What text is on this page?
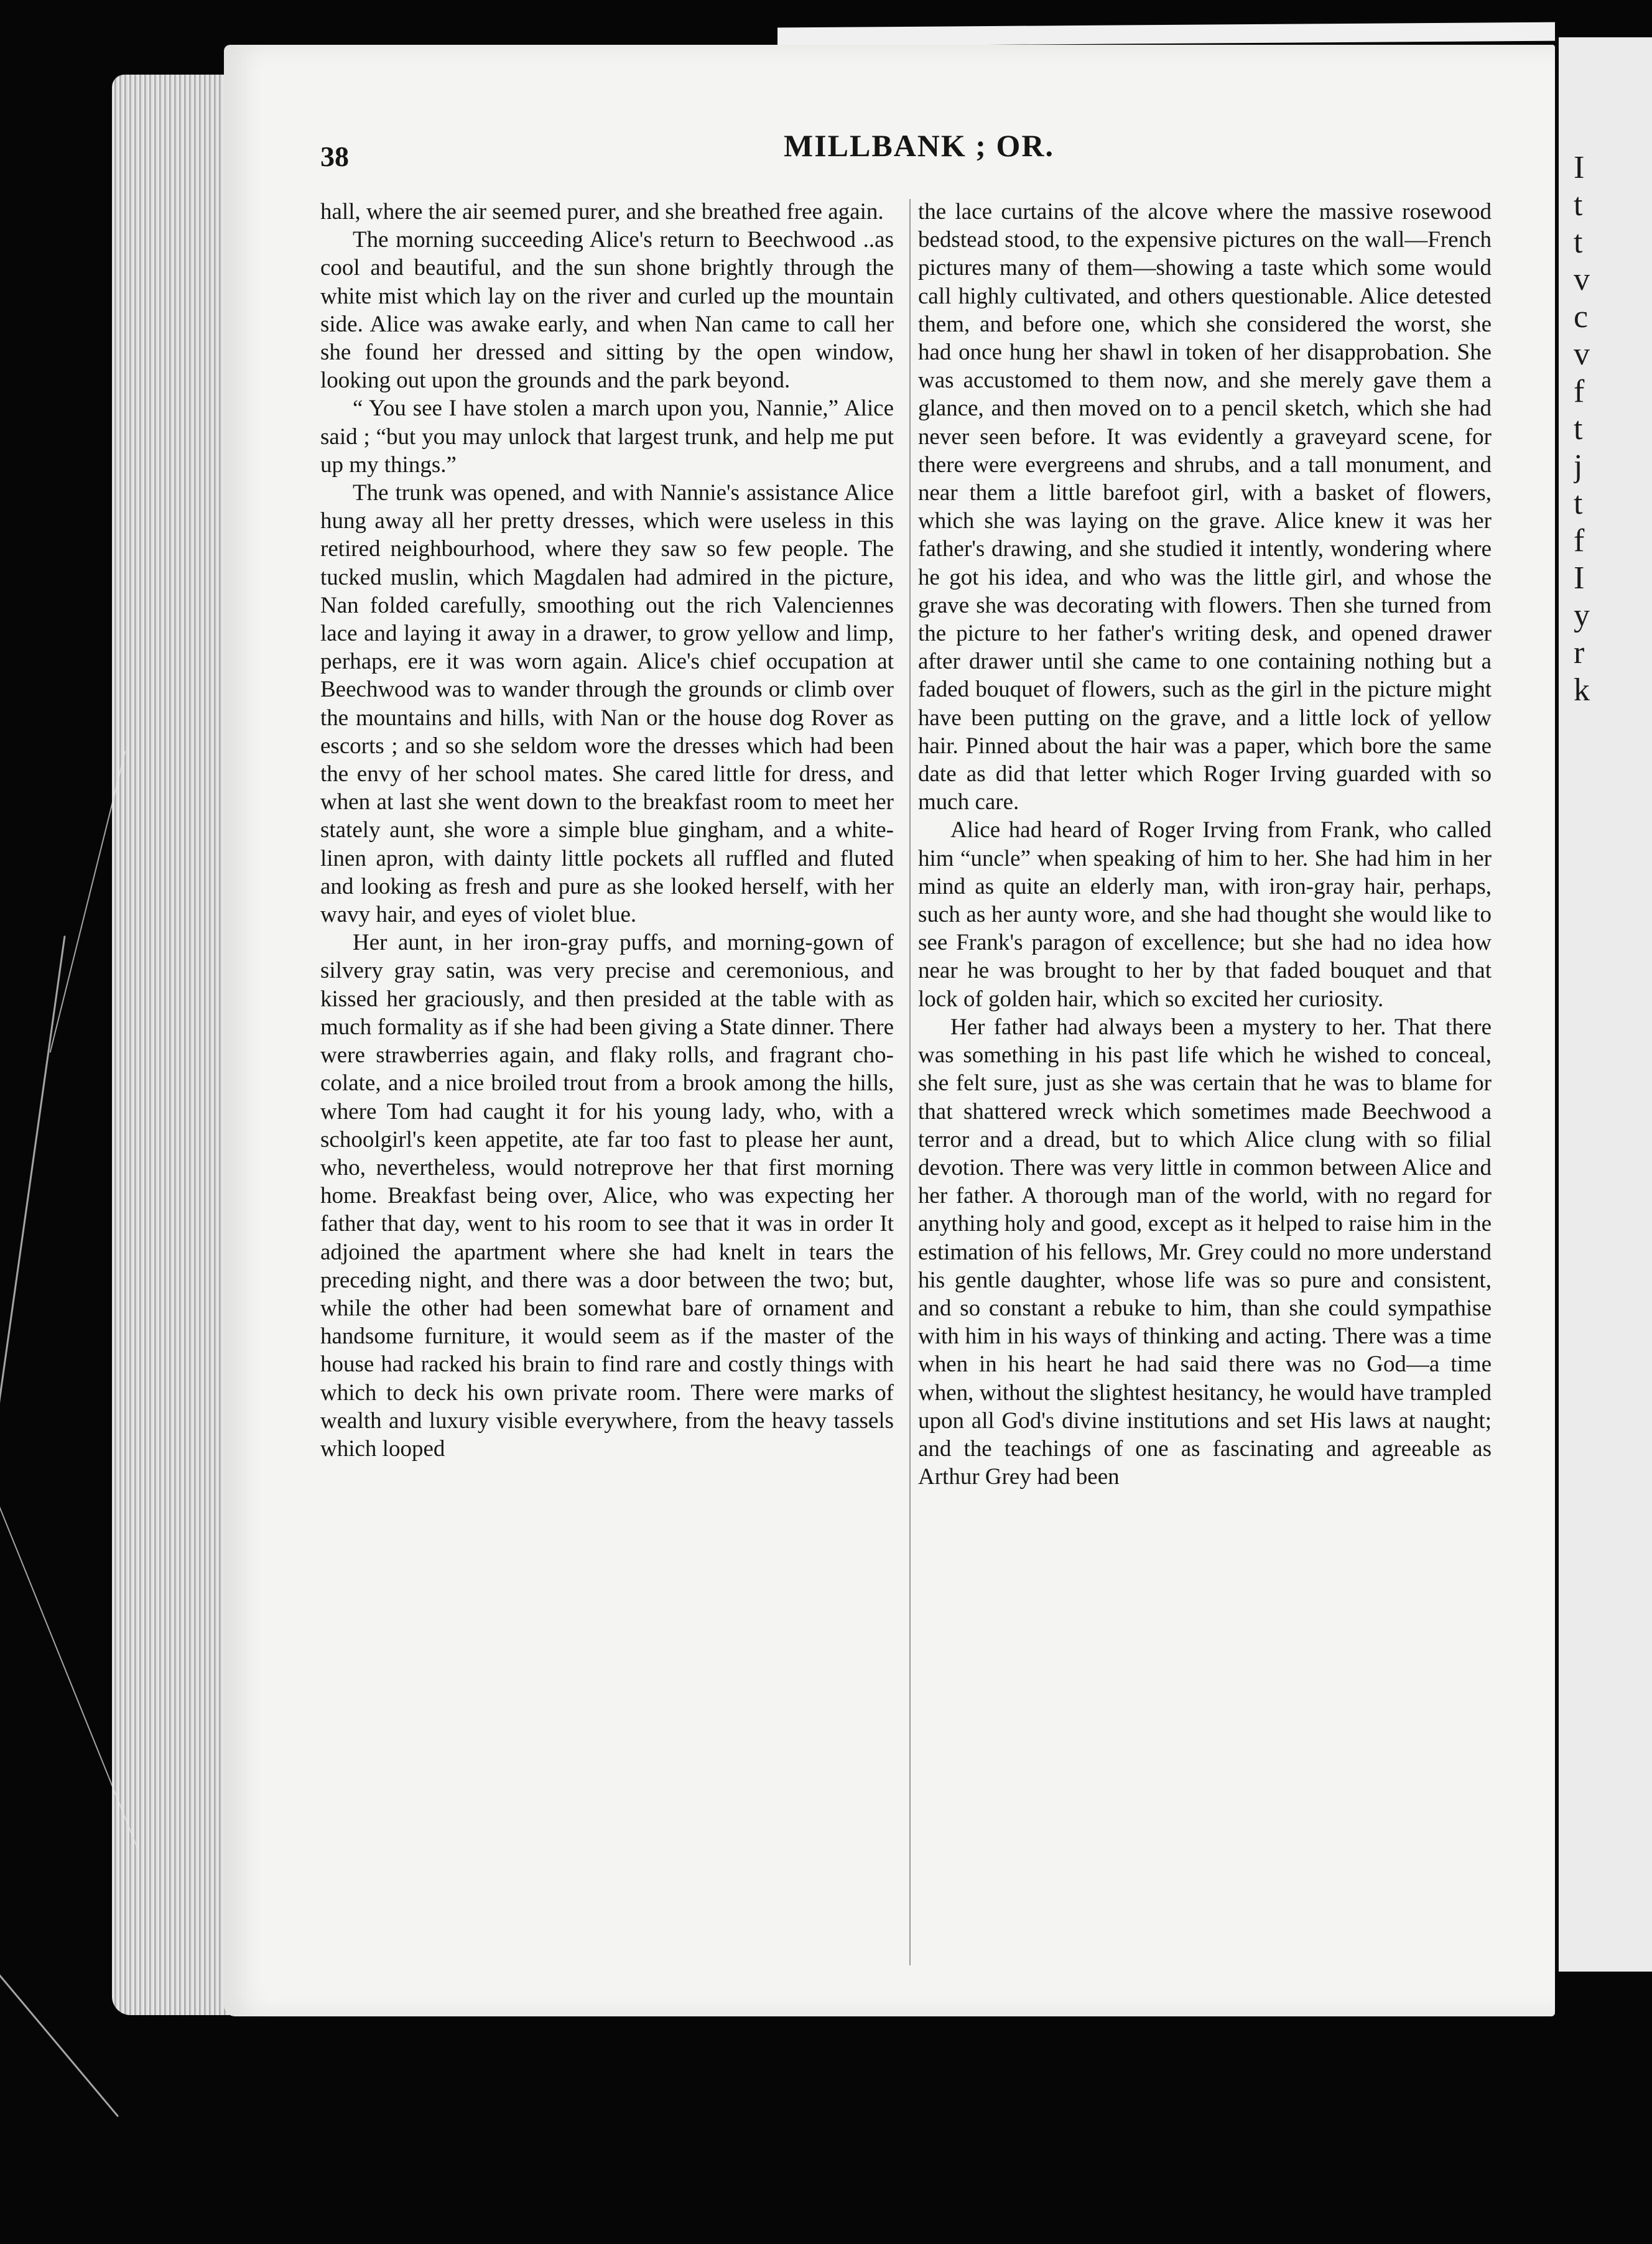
I
t
t
v
c
v
f
t
j
t
f
I
y
r
k
38	MILLBANK ; OR.

hall, where the air seemed purer, and she breathed free again.

The morning succeeding Alice's return to Beechwood ..as cool and beautiful, and the sun shone brightly through the white mist which lay on the river and curled up the mountain side. Alice was awake early, and when Nan came to call her she found her dressed and sitting by the open window, looking out upon the grounds and the park beyond.

“ You see I have stolen a march upon you, Nannie,” Alice said ; “but you may unlock that largest trunk, and help me put up my things.”

The trunk was opened, and with Nannie's assistance Alice hung away all her pretty dresses, which were useless in this retired neighbourhood, where they saw so few people. The tucked muslin, which Magdalen had admired in the picture, Nan folded carefully, smoothing out the rich Valenciennes lace and laying it away in a drawer, to grow yellow and limp, perhaps, ere it was worn again. Alice's chief occupation at Beechwood was to wander through the grounds or climb over the mountains and hills, with Nan or the house dog Rover as escorts ; and so she seldom wore the dresses which had been the envy of her school mates. She cared little for dress, and when at last she went down to the breakfast room to meet her stately aunt, she wore a simple blue gingham, and a white-linen apron, with dainty little pockets all ruffled and fluted and looking as fresh and pure as she looked herself, with her wavy hair, and eyes of violet blue.

Her aunt, in her iron-gray puffs, and morning-gown of silvery gray satin, was very precise and ceremonious, and kissed her graciously, and then presided at the table with as much formality as if she had been giving a State dinner. There were strawberries again, and flaky rolls, and fragrant chocolate, and a nice broiled trout from a brook among the hills, where Tom had caught it for his young lady, who, with a schoolgirl's keen appetite, ate far too fast to please her aunt, who, nevertheless, would notreprove her that first morning home. Breakfast being over, Alice, who was expecting her father that day, went to his room to see that it was in order It adjoined the apartment where she had knelt in tears the preceding night, and there was a door between the two; but, while the other had been somewhat bare of ornament and handsome furniture, it would seem as if the master of the house had racked his brain to find rare and costly things with which to deck his own private room. There were marks of wealth and luxury visible everywhere, from the heavy tassels which looped

the lace curtains of the alcove where the massive rosewood bedstead stood, to the expensive pictures on the wall—French pictures many of them—showing a taste which some would call highly cultivated, and others questionable. Alice detested them, and before one, which she considered the worst, she had once hung her shawl in token of her disapprobation. She was accustomed to them now, and she merely gave them a glance, and then moved on to a pencil sketch, which she had never seen before. It was evidently a graveyard scene, for there were evergreens and shrubs, and a tall monument, and near them a little barefoot girl, with a basket of flowers, which she was laying on the grave. Alice knew it was her father's drawing, and she studied it intently, wondering where he got his idea, and who was the little girl, and whose the grave she was decorating with flowers. Then she turned from the picture to her father's writing desk, and opened drawer after drawer until she came to one containing nothing but a faded bouquet of flowers, such as the girl in the picture might have been putting on the grave, and a little lock of yellow hair. Pinned about the hair was a paper, which bore the same date as did that letter which Roger Irving guarded with so much care.

Alice had heard of Roger Irving from Frank, who called him “uncle” when speaking of him to her. She had him in her mind as quite an elderly man, with iron-gray hair, perhaps, such as her aunty wore, and she had thought she would like to see Frank's paragon of excellence; but she had no idea how near he was brought to her by that faded bouquet and that lock of golden hair, which so excited her curiosity.

Her father had always been a mystery to her. That there was something in his past life which he wished to conceal, she felt sure, just as she was certain that he was to blame for that shattered wreck which sometimes made Beechwood a terror and a dread, but to which Alice clung with so filial devotion. There was very little in common between Alice and her father. A thorough man of the world, with no regard for anything holy and good, except as it helped to raise him in the estimation of his fellows, Mr. Grey could no more understand his gentle daughter, whose life was so pure and consistent, and so constant a rebuke to him, than she could sympathise with him in his ways of thinking and acting. There was a time when in his heart he had said there was no God—a time when, without the slightest hesitancy, he would have trampled upon all God's divine institutions and set His laws at naught; and the teachings of one as fascinating and agreeable as Arthur Grey had been
